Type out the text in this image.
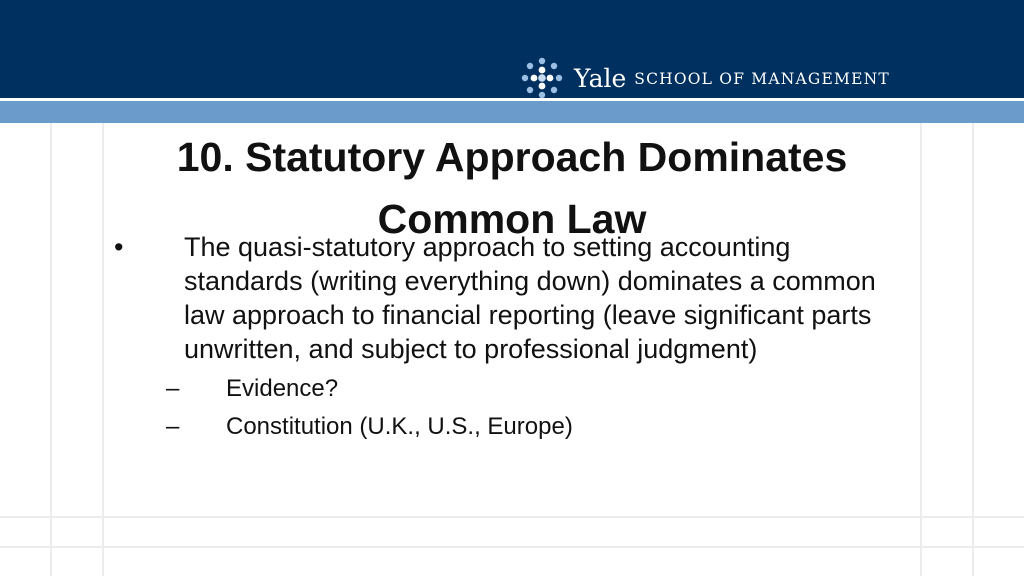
Yale SCHOOL OF MANAGEMENT
10. Statutory Approach Dominates Common Law
• The quasi-statutory approach to setting accounting standards (writing everything down) dominates a common law approach to financial reporting (leave significant parts unwritten, and subject to professional judgment)
– Evidence?
– Constitution (U.K., U.S., Europe)
